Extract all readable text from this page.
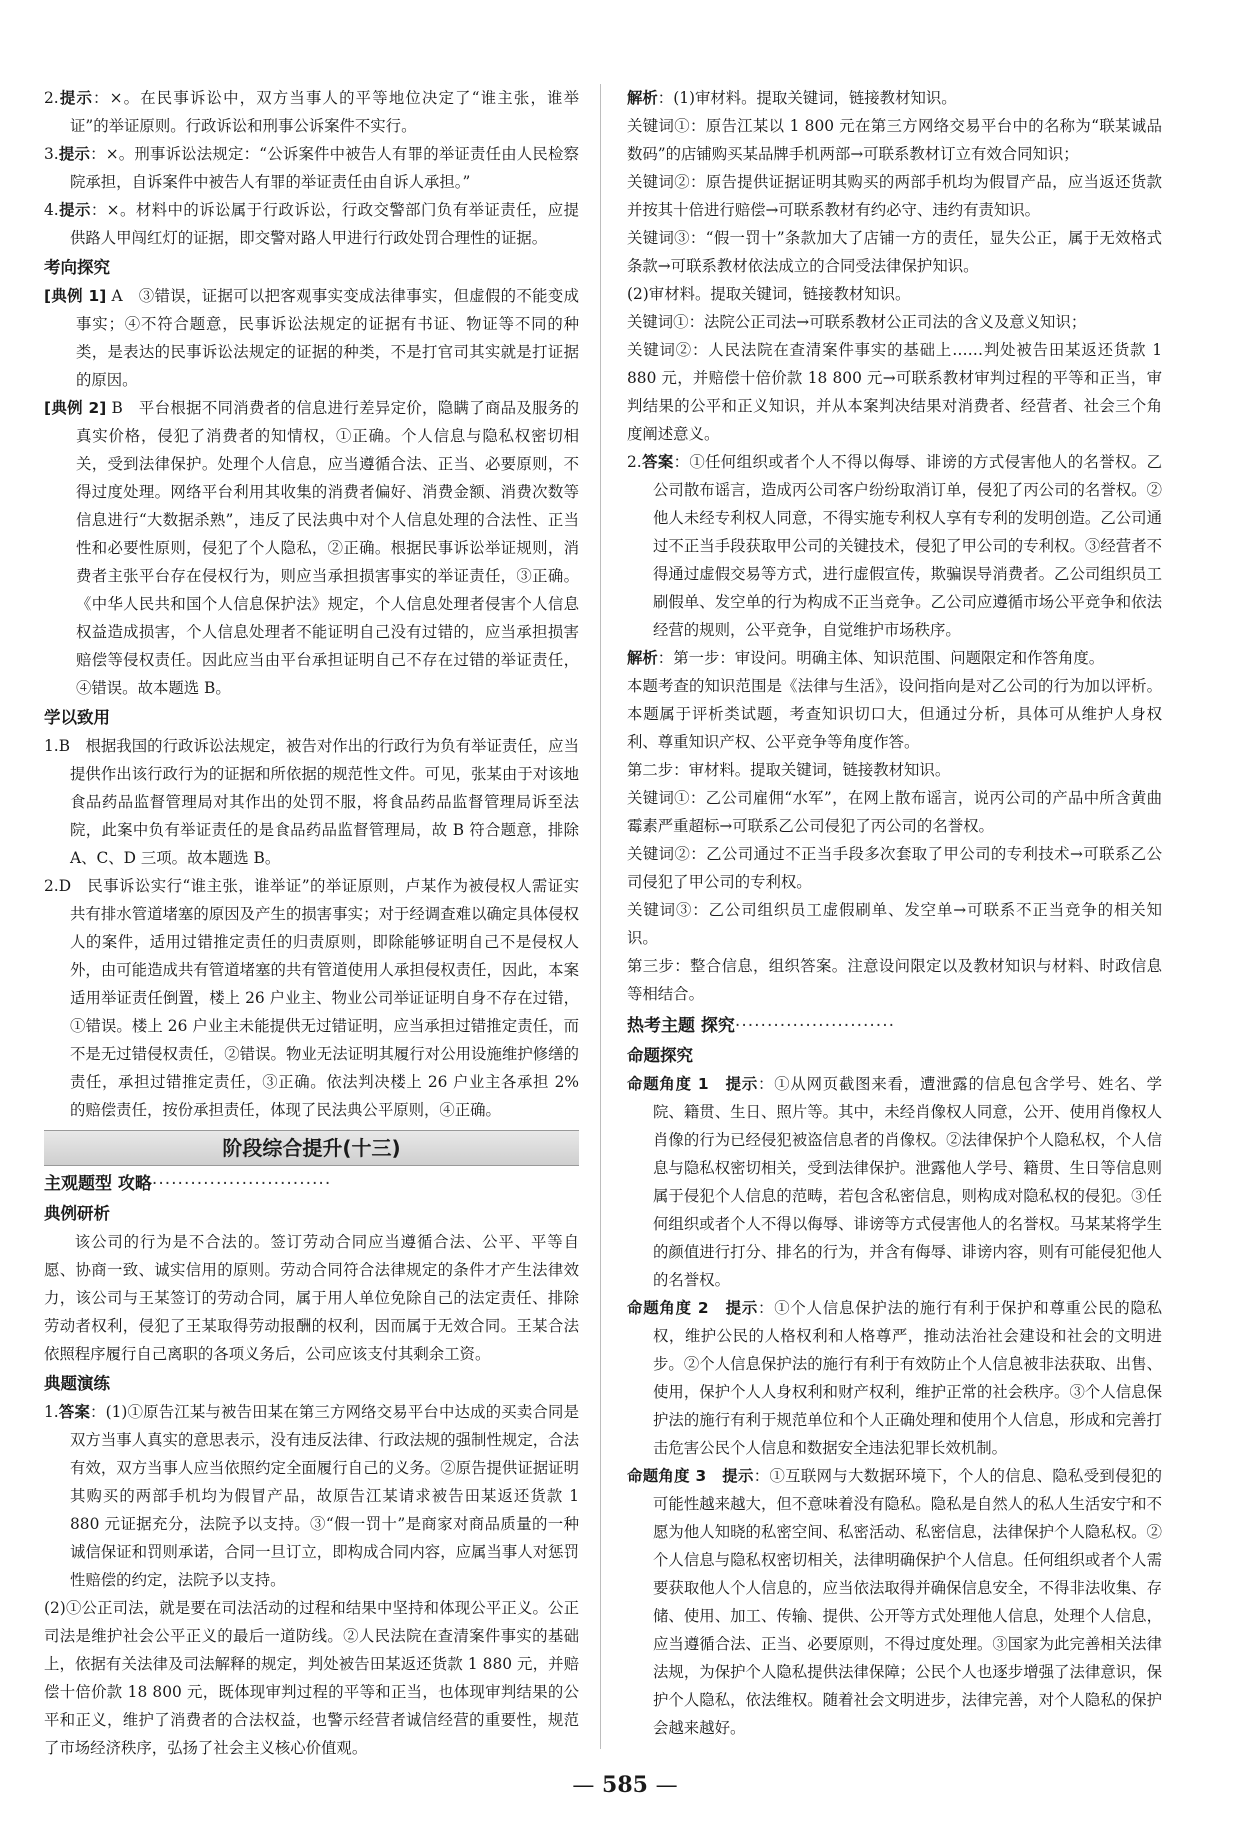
2.提示：×。在民事诉讼中，双方当事人的平等地位决定了“谁主张，谁举证”的举证原则。行政诉讼和刑事公诉案件不实行。

3.提示：×。刑事诉讼法规定：“公诉案件中被告人有罪的举证责任由人民检察院承担，自诉案件中被告人有罪的举证责任由自诉人承担。”

4.提示：×。材料中的诉讼属于行政诉讼，行政交警部门负有举证责任，应提供路人甲闯红灯的证据，即交警对路人甲进行行政处罚合理性的证据。

考向探究

[典例 1] A　 ③错误，证据可以把客观事实变成法律事实，但虚假的不能变成事实；④不符合题意，民事诉讼法规定的证据有书证、物证等不同的种类，是表达的民事诉讼法规定的证据的种类，不是打官司其实就是打证据的原因。

[典例 2] B　 平台根据不同消费者的信息进行差异定价，隐瞒了商品及服务的真实价格，侵犯了消费者的知情权，①正确。个人信息与隐私权密切相关，受到法律保护。处理个人信息，应当遵循合法、正当、必要原则，不得过度处理。网络平台利用其收集的消费者偏好、消费金额、消费次数等信息进行“大数据杀熟”，违反了民法典中对个人信息处理的合法性、正当性和必要性原则，侵犯了个人隐私，②正确。根据民事诉讼举证规则，消费者主张平台存在侵权行为，则应当承担损害事实的举证责任，③正确。《中华人民共和国个人信息保护法》规定，个人信息处理者侵害个人信息权益造成损害，个人信息处理者不能证明自己没有过错的，应当承担损害赔偿等侵权责任。因此应当由平台承担证明自己不存在过错的举证责任，④错误。故本题选 B。

学以致用

1.B　 根据我国的行政诉讼法规定，被告对作出的行政行为负有举证责任，应当提供作出该行政行为的证据和所依据的规范性文件。可见，张某由于对该地食品药品监督管理局对其作出的处罚不服，将食品药品监督管理局诉至法院，此案中负有举证责任的是食品药品监督管理局，故 B 符合题意，排除 A、C、D 三项。故本题选 B。

2.D　 民事诉讼实行“谁主张，谁举证”的举证原则，卢某作为被侵权人需证实共有排水管道堵塞的原因及产生的损害事实；对于经调查难以确定具体侵权人的案件，适用过错推定责任的归责原则，即除能够证明自己不是侵权人外，由可能造成共有管道堵塞的共有管道使用人承担侵权责任，因此，本案适用举证责任倒置，楼上 26 户业主、物业公司举证证明自身不存在过错，①错误。楼上 26 户业主未能提供无过错证明，应当承担过错推定责任，而不是无过错侵权责任，②错误。物业无法证明其履行对公用设施维护修缮的责任，承担过错推定责任，③正确。依法判决楼上 26 户业主各承担 2% 的赔偿责任，按份承担责任，体现了民法典公平原则，④正确。

阶段综合提升(十三)

主观题型 攻略····························

典例研析

该公司的行为是不合法的。签订劳动合同应当遵循合法、公平、平等自愿、协商一致、诚实信用的原则。劳动合同符合法律规定的条件才产生法律效力，该公司与王某签订的劳动合同，属于用人单位免除自己的法定责任、排除劳动者权利，侵犯了王某取得劳动报酬的权利，因而属于无效合同。王某合法依照程序履行自己离职的各项义务后，公司应该支付其剩余工资。

典题演练

1.答案：(1)①原告江某与被告田某在第三方网络交易平台中达成的买卖合同是双方当事人真实的意思表示，没有违反法律、行政法规的强制性规定，合法有效，双方当事人应当依照约定全面履行自己的义务。②原告提供证据证明其购买的两部手机均为假冒产品，故原告江某请求被告田某返还货款 1 880 元证据充分，法院予以支持。③“假一罚十”是商家对商品质量的一种诚信保证和罚则承诺，合同一旦订立，即构成合同内容，应属当事人对惩罚性赔偿的约定，法院予以支持。

(2)①公正司法，就是要在司法活动的过程和结果中坚持和体现公平正义。公正司法是维护社会公平正义的最后一道防线。②人民法院在查清案件事实的基础上，依据有关法律及司法解释的规定，判处被告田某返还货款 1 880 元，并赔偿十倍价款 18 800 元，既体现审判过程的平等和正当，也体现审判结果的公平和正义，维护了消费者的合法权益，也警示经营者诚信经营的重要性，规范了市场经济秩序，弘扬了社会主义核心价值观。

解析：(1)审材料。提取关键词，链接教材知识。

关键词①：原告江某以 1 800 元在第三方网络交易平台中的名称为“联某诚品数码”的店铺购买某品牌手机两部→可联系教材订立有效合同知识；

关键词②：原告提供证据证明其购买的两部手机均为假冒产品，应当返还货款并按其十倍进行赔偿→可联系教材有约必守、违约有责知识。

关键词③：“假一罚十”条款加大了店铺一方的责任，显失公正，属于无效格式条款→可联系教材依法成立的合同受法律保护知识。

(2)审材料。提取关键词，链接教材知识。

关键词①：法院公正司法→可联系教材公正司法的含义及意义知识；

关键词②：人民法院在查清案件事实的基础上……判处被告田某返还货款 1 880 元，并赔偿十倍价款 18 800 元→可联系教材审判过程的平等和正当，审判结果的公平和正义知识，并从本案判决结果对消费者、经营者、社会三个角度阐述意义。

2.答案：①任何组织或者个人不得以侮辱、诽谤的方式侵害他人的名誉权。乙公司散布谣言，造成丙公司客户纷纷取消订单，侵犯了丙公司的名誉权。②他人未经专利权人同意，不得实施专利权人享有专利的发明创造。乙公司通过不正当手段获取甲公司的关键技术，侵犯了甲公司的专利权。③经营者不得通过虚假交易等方式，进行虚假宣传，欺骗误导消费者。乙公司组织员工刷假单、发空单的行为构成不正当竞争。乙公司应遵循市场公平竞争和依法经营的规则，公平竞争，自觉维护市场秩序。

解析：第一步：审设问。明确主体、知识范围、问题限定和作答角度。

本题考查的知识范围是《法律与生活》，设问指向是对乙公司的行为加以评析。本题属于评析类试题，考查知识切口大，但通过分析，具体可从维护人身权利、尊重知识产权、公平竞争等角度作答。

第二步：审材料。提取关键词，链接教材知识。

关键词①：乙公司雇佣“水军”，在网上散布谣言，说丙公司的产品中所含黄曲霉素严重超标→可联系乙公司侵犯了丙公司的名誉权。

关键词②：乙公司通过不正当手段多次套取了甲公司的专利技术→可联系乙公司侵犯了甲公司的专利权。

关键词③：乙公司组织员工虚假刷单、发空单→可联系不正当竞争的相关知识。

第三步：整合信息，组织答案。注意设问限定以及教材知识与材料、时政信息等相结合。

热考主题 探究·························

命题探究

命题角度 1　 提示：①从网页截图来看，遭泄露的信息包含学号、姓名、学院、籍贯、生日、照片等。其中，未经肖像权人同意，公开、使用肖像权人肖像的行为已经侵犯被盗信息者的肖像权。②法律保护个人隐私权，个人信息与隐私权密切相关，受到法律保护。泄露他人学号、籍贯、生日等信息则属于侵犯个人信息的范畴，若包含私密信息，则构成对隐私权的侵犯。③任何组织或者个人不得以侮辱、诽谤等方式侵害他人的名誉权。马某某将学生的颜值进行打分、排名的行为，并含有侮辱、诽谤内容，则有可能侵犯他人的名誉权。

命题角度 2　 提示：①个人信息保护法的施行有利于保护和尊重公民的隐私权，维护公民的人格权利和人格尊严，推动法治社会建设和社会的文明进步。②个人信息保护法的施行有利于有效防止个人信息被非法获取、出售、使用，保护个人人身权利和财产权利，维护正常的社会秩序。③个人信息保护法的施行有利于规范单位和个人正确处理和使用个人信息，形成和完善打击危害公民个人信息和数据安全违法犯罪长效机制。

命题角度 3　 提示：①互联网与大数据环境下，个人的信息、隐私受到侵犯的可能性越来越大，但不意味着没有隐私。隐私是自然人的私人生活安宁和不愿为他人知晓的私密空间、私密活动、私密信息，法律保护个人隐私权。②个人信息与隐私权密切相关，法律明确保护个人信息。任何组织或者个人需要获取他人个人信息的，应当依法取得并确保信息安全，不得非法收集、存储、使用、加工、传输、提供、公开等方式处理他人信息，处理个人信息，应当遵循合法、正当、必要原则，不得过度处理。③国家为此完善相关法律法规，为保护个人隐私提供法律保障；公民个人也逐步增强了法律意识，保护个人隐私，依法维权。随着社会文明进步，法律完善，对个人隐私的保护会越来越好。

— 585 —
